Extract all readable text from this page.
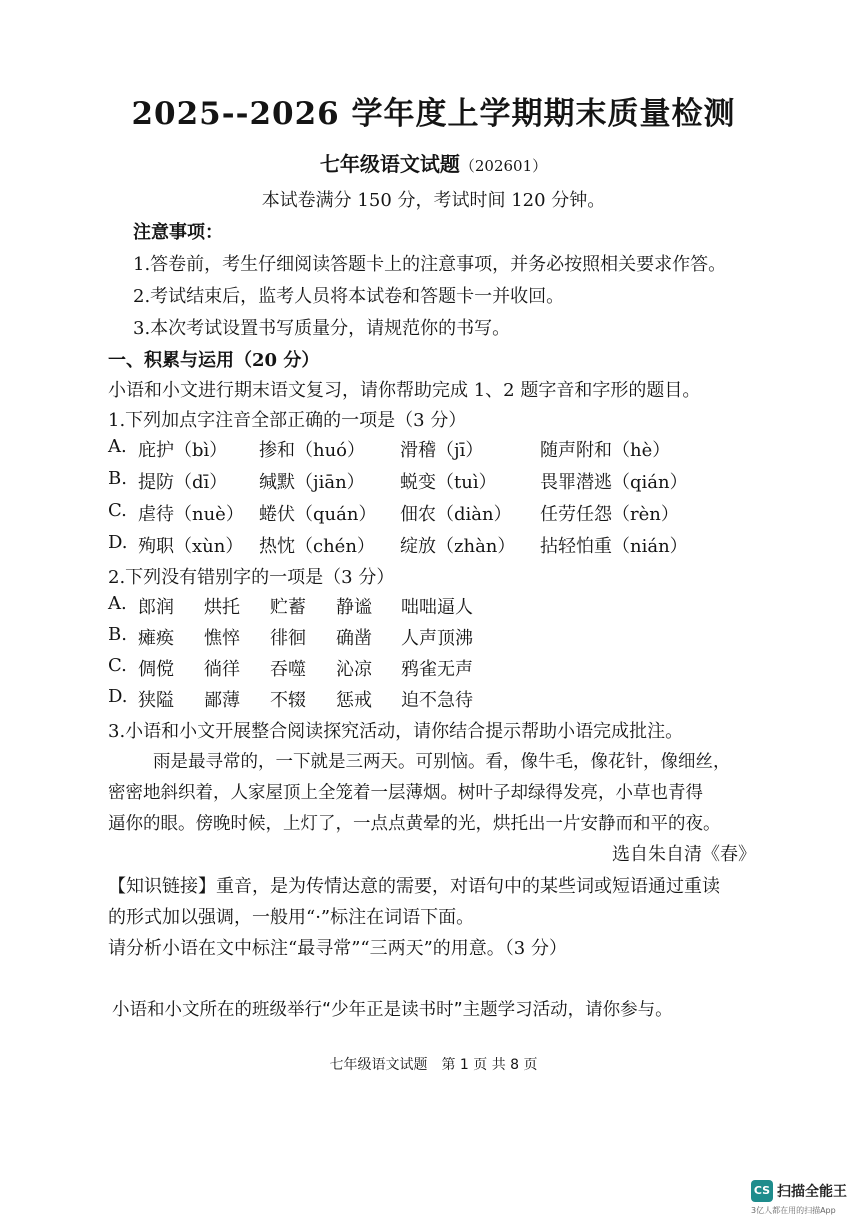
2025--2026 学年度上学期期末质量检测
七年级语文试题（202601）
本试卷满分 150 分，考试时间 120 分钟。
注意事项：
1.答卷前，考生仔细阅读答题卡上的注意事项，并务必按照相关要求作答。
2.考试结束后，监考人员将本试卷和答题卡一并收回。
3.本次考试设置书写质量分，请规范你的书写。
一、积累与运用（20 分）
小语和小文进行期末语文复习，请你帮助完成 1、2 题字音和字形的题目。
1.下列加点字注音全部正确的一项是（3 分）
A. 庇护（bì） 掺和（huó） 滑稽（jī）	随声附和（hè）
B. 提防（dī） 缄默（jiān） 蜕变（tuì） 畏罪潜逃（qián）
C. 虐待（nuè） 蜷伏（quán） 佃农（diàn） 任劳任怨（rèn）
D. 殉职（xùn） 热忱（chén） 绽放（zhàn） 拈轻怕重（nián）
2.下列没有错别字的一项是（3 分）
A. 郎润 烘托 贮蓄 静谧 咄咄逼人
B. 瘫痪 憔悴 徘徊 确凿 人声顶沸
C. 倜傥 徜徉 吞噬 沁凉 鸦雀无声
D. 狭隘 鄙薄 不辍 惩戒 迫不急待
3.小语和小文开展整合阅读探究活动，请你结合提示帮助小语完成批注。
雨是最寻常的，一下就是三两天。可别恼。看，像牛毛，像花针，像细丝，
密密地斜织着，人家屋顶上全笼着一层薄烟。树叶子却绿得发亮，小草也青得
逼你的眼。傍晚时候，上灯了，一点点黄晕的光，烘托出一片安静而和平的夜。
选自朱自清《春》
【知识链接】重音，是为传情达意的需要，对语句中的某些词或短语通过重读
的形式加以强调，一般用“·”标注在词语下面。
请分析小语在文中标注“最寻常”“三两天”的用意。（3 分）
小语和小文所在的班级举行“少年正是读书时”主题学习活动，请你参与。
七年级语文试题　第 1 页 共 8 页
CS 扫描全能王
3亿人都在用的扫描App
